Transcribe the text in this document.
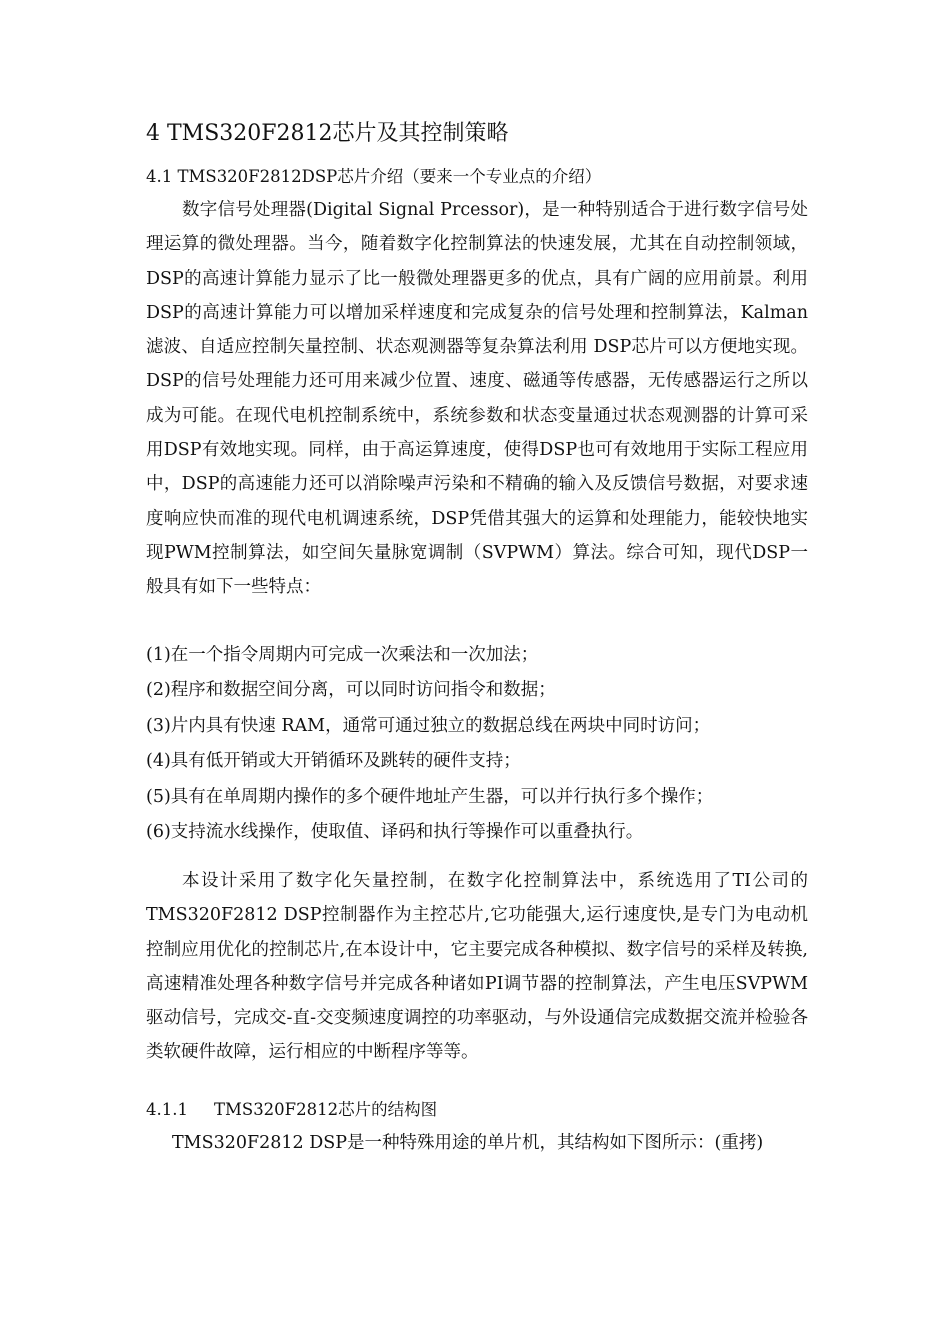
4 TMS320F2812芯片及其控制策略
4.1 TMS320F2812DSP芯片介绍（要来一个专业点的介绍）

数字信号处理器(Digital Signal Prcessor)，是一种特别适合于进行数字信号处理运算的微处理器。当今，随着数字化控制算法的快速发展，尤其在自动控制领域，DSP的高速计算能力显示了比一般微处理器更多的优点，具有广阔的应用前景。利用DSP的高速计算能力可以增加采样速度和完成复杂的信号处理和控制算法，Kalman滤波、自适应控制矢量控制、状态观测器等复杂算法利用 DSP芯片可以方便地实现。DSP的信号处理能力还可用来减少位置、速度、磁通等传感器，无传感器运行之所以成为可能。在现代电机控制系统中，系统参数和状态变量通过状态观测器的计算可采用DSP有效地实现。同样，由于高运算速度，使得DSP也可有效地用于实际工程应用中，DSP的高速能力还可以消除噪声污染和不精确的输入及反馈信号数据，对要求速度响应快而准的现代电机调速系统，DSP凭借其强大的运算和处理能力，能较快地实现PWM控制算法，如空间矢量脉宽调制（SVPWM）算法。综合可知，现代DSP一般具有如下一些特点：

(1)在一个指令周期内可完成一次乘法和一次加法；
(2)程序和数据空间分离，可以同时访问指令和数据；
(3)片内具有快速 RAM，通常可通过独立的数据总线在两块中同时访问；
(4)具有低开销或大开销循环及跳转的硬件支持；
(5)具有在单周期内操作的多个硬件地址产生器，可以并行执行多个操作；
(6)支持流水线操作，使取值、译码和执行等操作可以重叠执行。

本设计采用了数字化矢量控制，在数字化控制算法中，系统选用了TI公司的 TMS320F2812 DSP控制器作为主控芯片,它功能强大,运行速度快,是专门为电动机控制应用优化的控制芯片,在本设计中，它主要完成各种模拟、数字信号的采样及转换,高速精准处理各种数字信号并完成各种诸如PI调节器的控制算法，产生电压SVPWM驱动信号，完成交-直-交变频速度调控的功率驱动，与外设通信完成数据交流并检验各类软硬件故障，运行相应的中断程序等等。

4.1.1 TMS320F2812芯片的结构图

TMS320F2812 DSP是一种特殊用途的单片机，其结构如下图所示：(重拷)
